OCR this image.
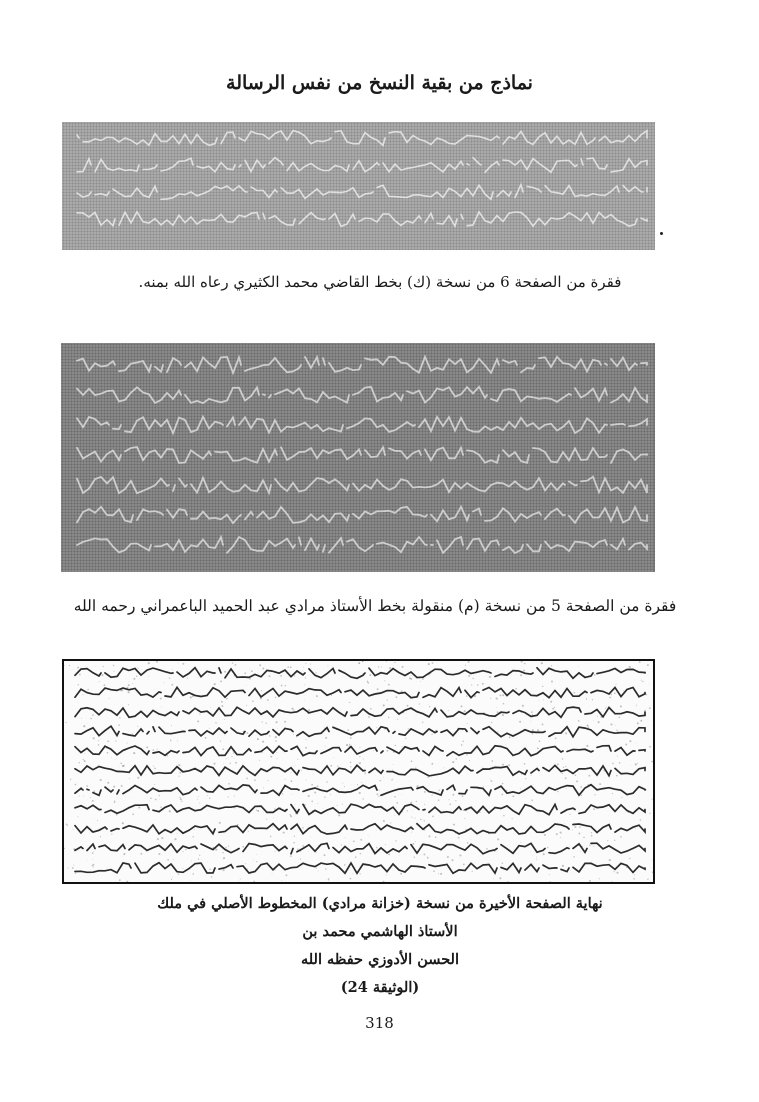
نماذج من بقية النسخ من نفس الرسالة
فقرة من الصفحة 6 من نسخة (ك) بخط القاضي محمد الكثيري رعاه الله بمنه.
فقرة من الصفحة 5 من نسخة (م) منقولة بخط الأستاذ مرادي عبد الحميد الباعمراني رحمه الله
نهاية الصفحة الأخيرة من نسخة (خزانة مرادي) المخطوط الأصلي في ملك الأستاذ الهاشمي محمد بن
الحسن الأدوزي حفظه الله
(الوثيقة 24)
318
